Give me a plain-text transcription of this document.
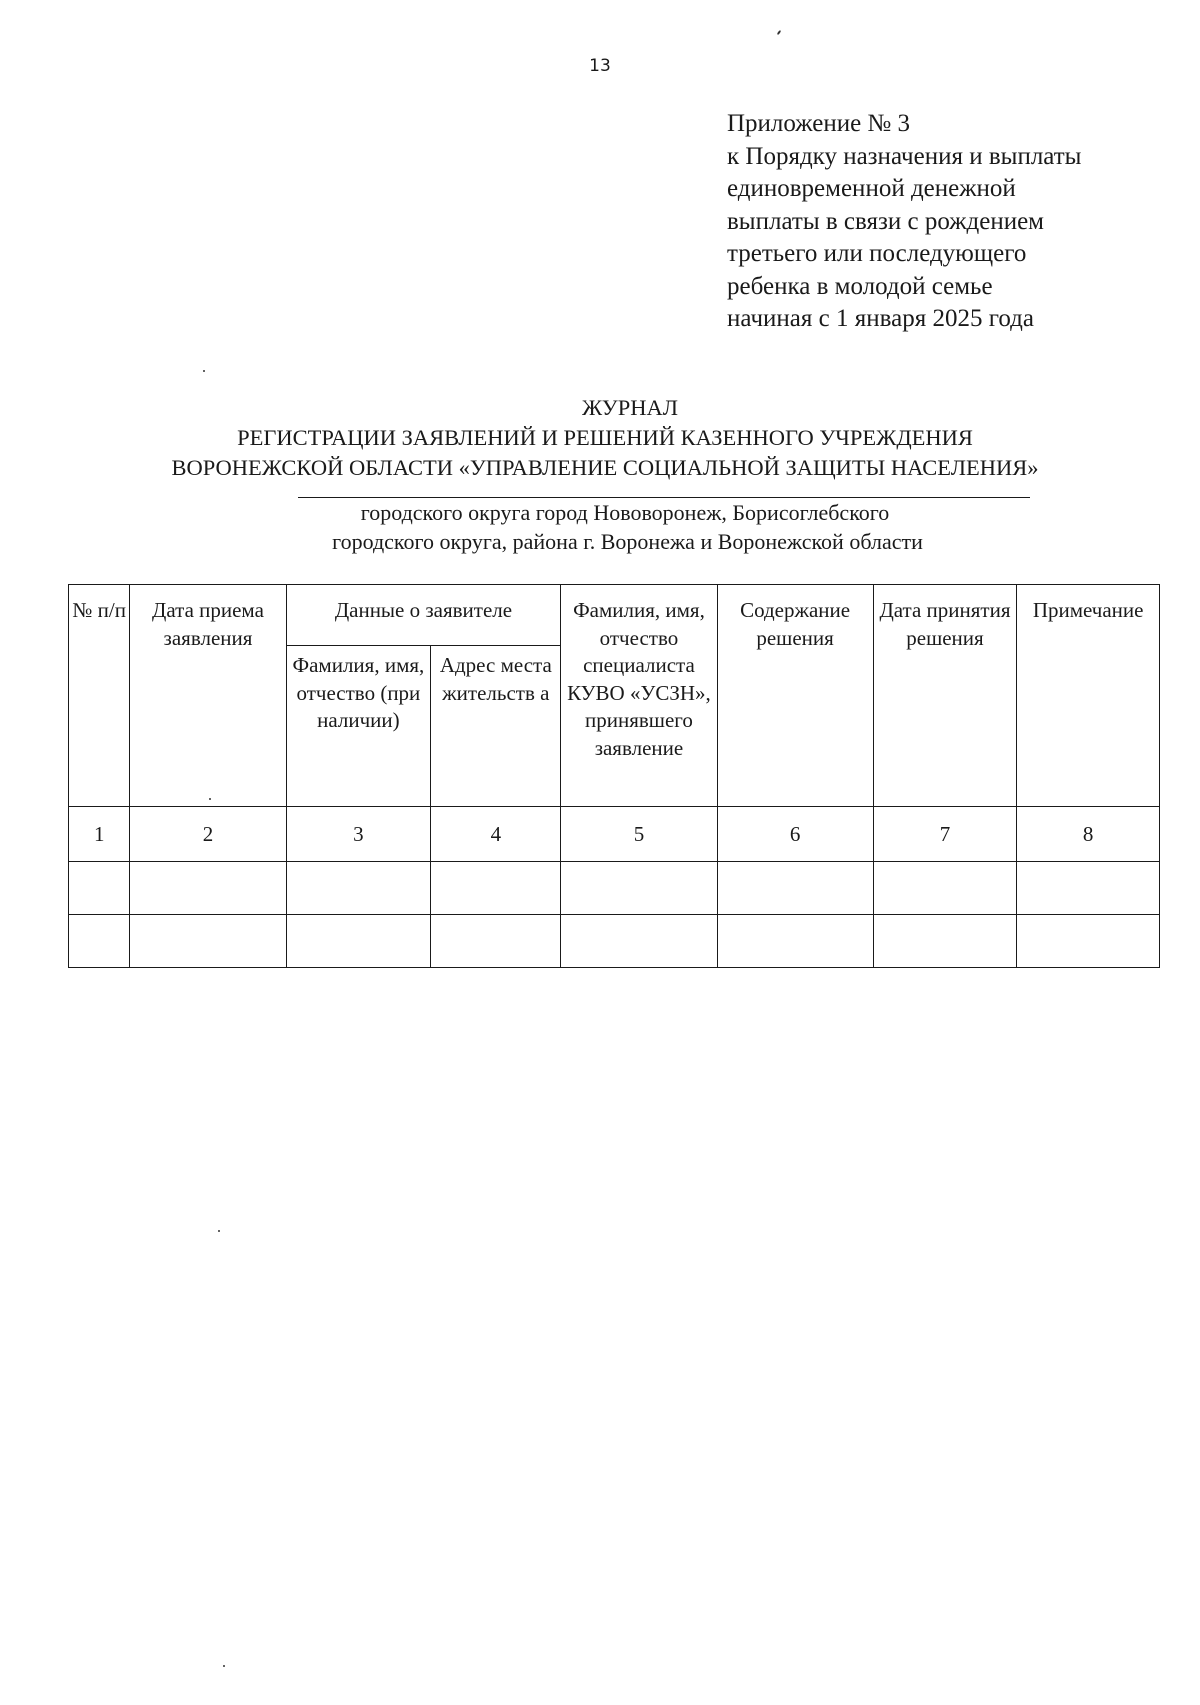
13
Приложение № 3
к Порядку назначения и выплаты
единовременной денежной
выплаты в связи с рождением
третьего или последующего
ребенка в молодой семье
начиная с 1 января 2025 года
ЖУРНАЛ
РЕГИСТРАЦИИ ЗАЯВЛЕНИЙ И РЕШЕНИЙ КАЗЕННОГО УЧРЕЖДЕНИЯ
ВОРОНЕЖСКОЙ ОБЛАСТИ «УПРАВЛЕНИЕ СОЦИАЛЬНОЙ ЗАЩИТЫ НАСЕЛЕНИЯ»
городского округа город Нововоронеж, Борисоглебского
городского округа, района г. Воронежа и Воронежской области
№ п/п	Дата приема заявления	Данные о заявителе		Фамилия, имя, отчество специалиста КУВО «УСЗН», принявшего заявление	Содержание решения	Дата принятия решения	Примечание
		Фамилия, имя, отчество (при наличии)	Адрес места жительств а				
1	2	3	4	5	6	7	8
